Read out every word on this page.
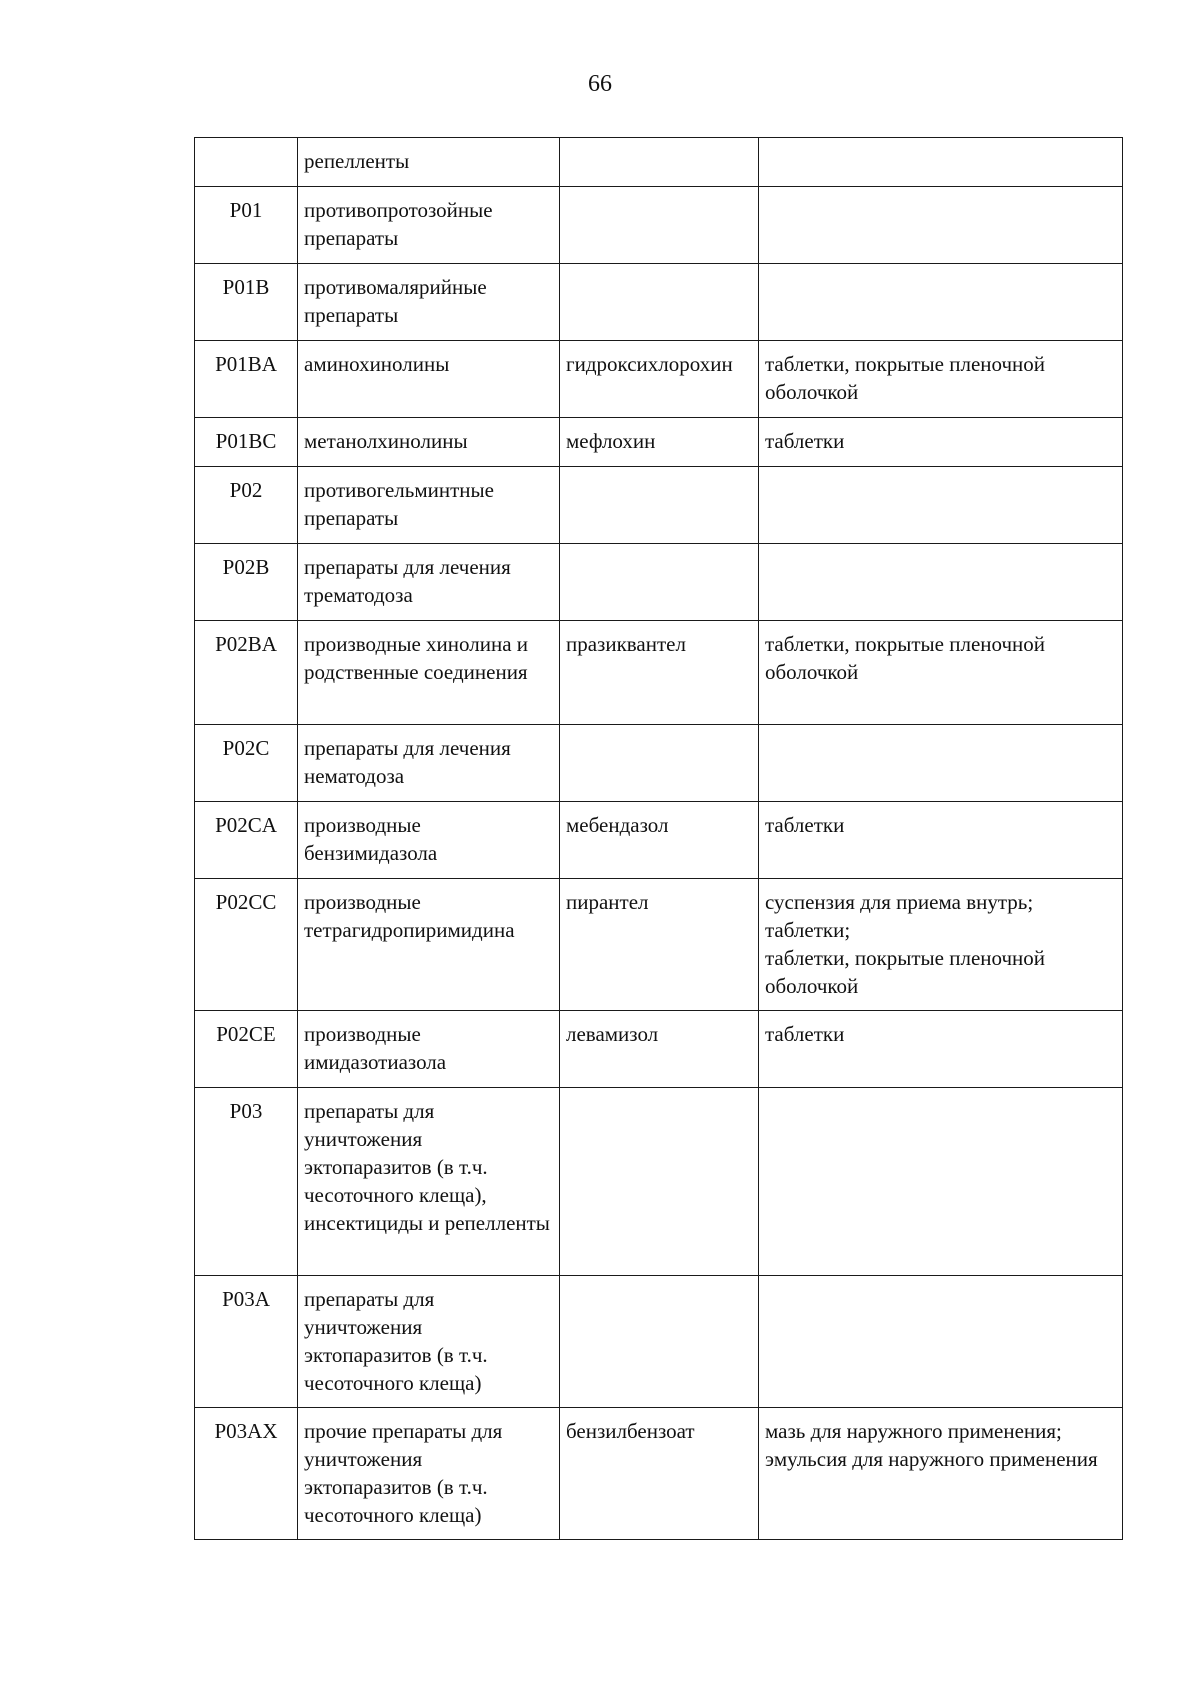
66
	репелленты		
P01	противопротозойные препараты		
P01B	противомалярийные препараты		
P01BA	аминохинолины	гидроксихлорохин	таблетки, покрытые пленочной оболочкой
P01BC	метанолхинолины	мефлохин	таблетки
P02	противогельминтные препараты		
P02B	препараты для лечения трематодоза		
P02BA	производные хинолина и родственные соединения	празиквантел	таблетки, покрытые пленочной оболочкой
P02C	препараты для лечения нематодоза		
P02CA	производные бензимидазола	мебендазол	таблетки
P02CC	производные тетрагидропиримидина	пирантел	суспензия для приема внутрь;
таблетки;
таблетки, покрытые пленочной оболочкой
P02CE	производные имидазотиазола	левамизол	таблетки
P03	препараты для уничтожения эктопаразитов (в т.ч. чесоточного клеща), инсектициды и репелленты		
P03A	препараты для уничтожения эктопаразитов (в т.ч. чесоточного клеща)		
P03AX	прочие препараты для уничтожения эктопаразитов (в т.ч. чесоточного клеща)	бензилбензоат	мазь для наружного применения;
эмульсия для наружного применения
